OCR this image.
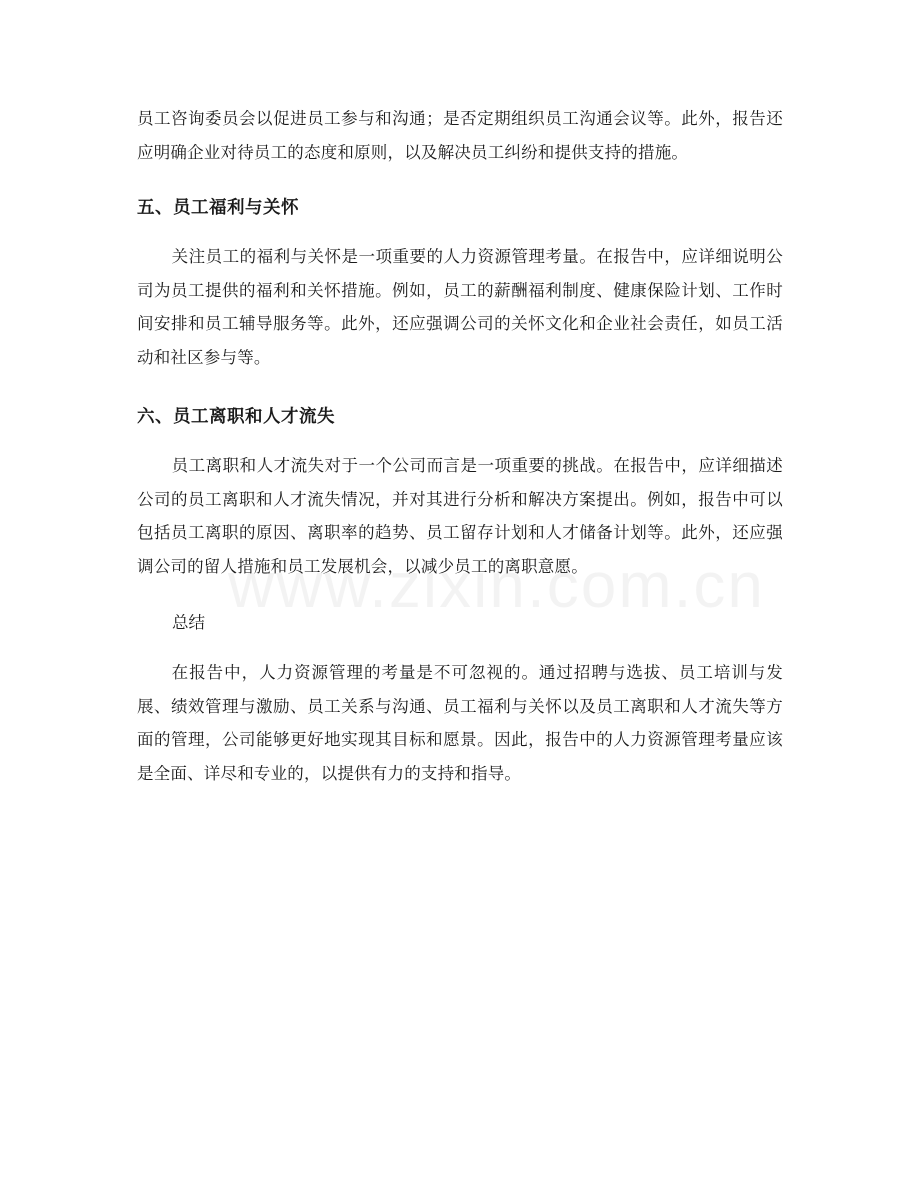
员工咨询委员会以促进员工参与和沟通；是否定期组织员工沟通会议等。此外，报告还应明确企业对待员工的态度和原则，以及解决员工纠纷和提供支持的措施。

五、员工福利与关怀

关注员工的福利与关怀是一项重要的人力资源管理考量。在报告中，应详细说明公司为员工提供的福利和关怀措施。例如，员工的薪酬福利制度、健康保险计划、工作时间安排和员工辅导服务等。此外，还应强调公司的关怀文化和企业社会责任，如员工活动和社区参与等。

六、员工离职和人才流失

员工离职和人才流失对于一个公司而言是一项重要的挑战。在报告中，应详细描述公司的员工离职和人才流失情况，并对其进行分析和解决方案提出。例如，报告中可以包括员工离职的原因、离职率的趋势、员工留存计划和人才储备计划等。此外，还应强调公司的留人措施和员工发展机会，以减少员工的离职意愿。

总结

在报告中，人力资源管理的考量是不可忽视的。通过招聘与选拔、员工培训与发展、绩效管理与激励、员工关系与沟通、员工福利与关怀以及员工离职和人才流失等方面的管理，公司能够更好地实现其目标和愿景。因此，报告中的人力资源管理考量应该是全面、详尽和专业的，以提供有力的支持和指导。
